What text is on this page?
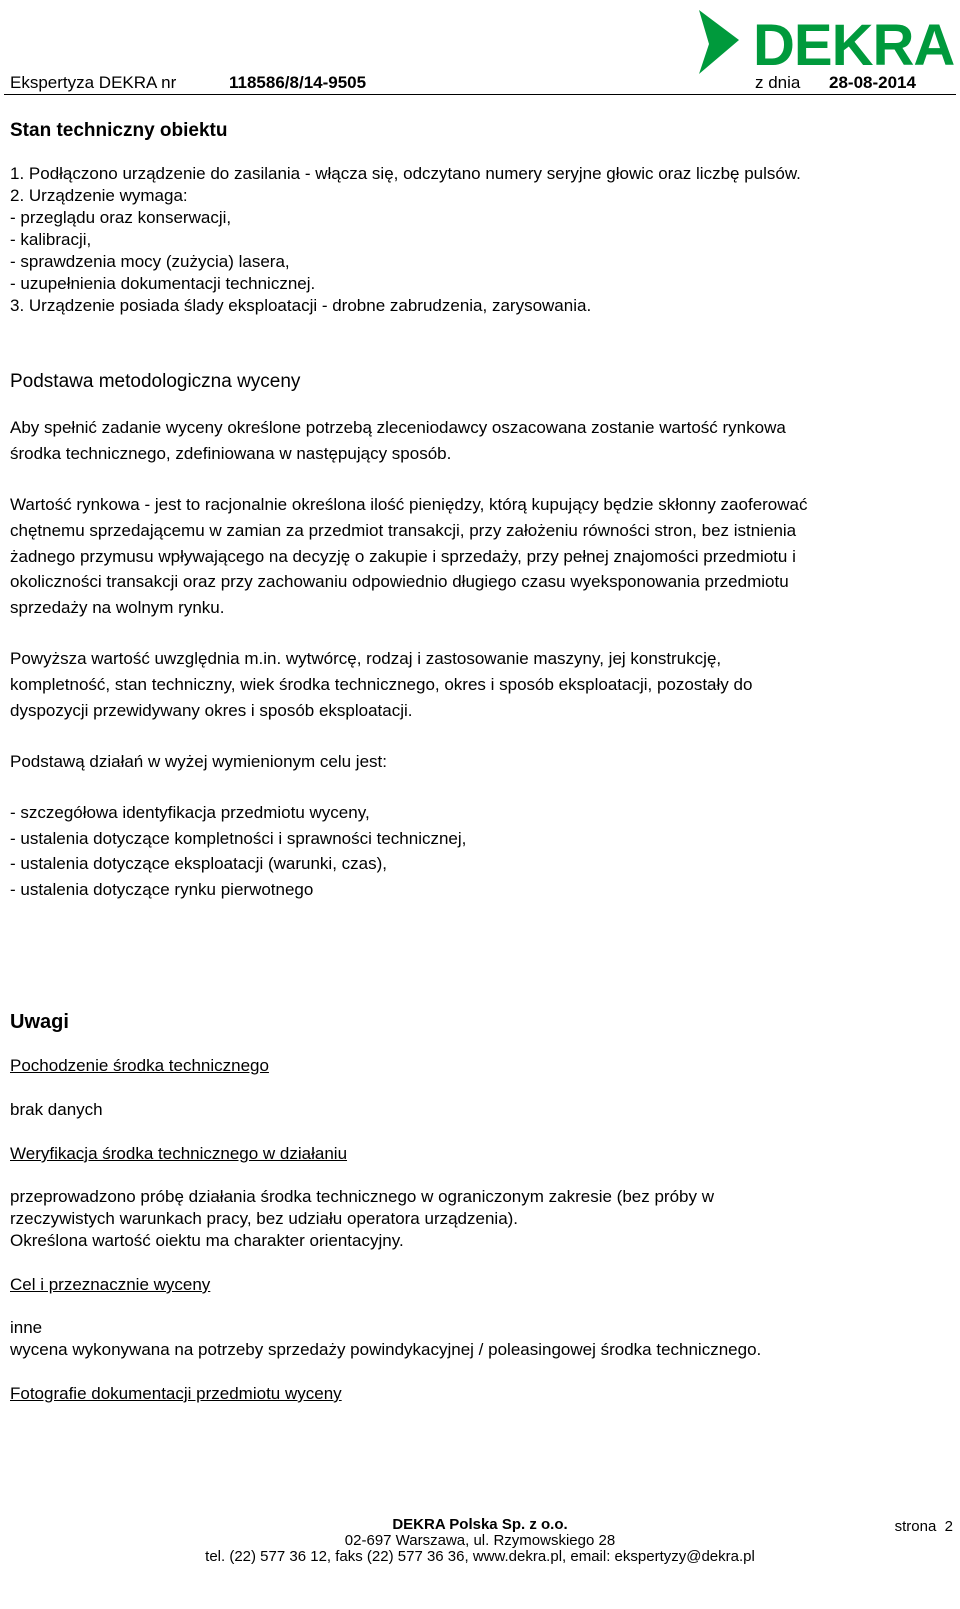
DEKRA
Ekspertyza DEKRA nr	118586/8/14-9505	z dnia 28-08-2014
Stan techniczny obiektu
1. Podłączono urządzenie do zasilania - włącza się, odczytano numery seryjne głowic oraz liczbę pulsów.
2. Urządzenie wymaga:
- przeglądu oraz konserwacji,
- kalibracji,
- sprawdzenia mocy (zużycia) lasera,
- uzupełnienia dokumentacji technicznej.
3. Urządzenie posiada ślady eksploatacji - drobne zabrudzenia, zarysowania.
Podstawa metodologiczna wyceny
Aby spełnić zadanie wyceny określone potrzebą zleceniodawcy oszacowana zostanie wartość rynkowa
środka technicznego, zdefiniowana w następujący sposób.
Wartość rynkowa - jest to racjonalnie określona ilość pieniędzy, którą kupujący będzie skłonny zaoferować
chętnemu sprzedającemu w zamian za przedmiot transakcji, przy założeniu równości stron, bez istnienia
żadnego przymusu wpływającego na decyzję o zakupie i sprzedaży, przy pełnej znajomości przedmiotu i
okoliczności transakcji oraz przy zachowaniu odpowiednio długiego czasu wyeksponowania przedmiotu
sprzedaży na wolnym rynku.
Powyższa wartość uwzględnia m.in. wytwórcę, rodzaj i zastosowanie maszyny, jej konstrukcję,
kompletność, stan techniczny, wiek środka technicznego, okres i sposób eksploatacji, pozostały do
dyspozycji przewidywany okres i sposób eksploatacji.
Podstawą działań w wyżej wymienionym celu jest:
- szczegółowa identyfikacja przedmiotu wyceny,
- ustalenia dotyczące kompletności i sprawności technicznej,
- ustalenia dotyczące eksploatacji (warunki, czas),
- ustalenia dotyczące rynku pierwotnego
Uwagi
Pochodzenie środka technicznego
brak danych
Weryfikacja środka technicznego w działaniu
przeprowadzono próbę działania środka technicznego w ograniczonym zakresie (bez próby w
rzeczywistych warunkach pracy, bez udziału operatora urządzenia).
Określona wartość oiektu ma charakter orientacyjny.
Cel i przeznacznie wyceny
inne
wycena wykonywana na potrzeby sprzedaży powindykacyjnej / poleasingowej środka technicznego.
Fotografie dokumentacji przedmiotu wyceny
strona 2
DEKRA Polska Sp. z o.o.
02-697 Warszawa, ul. Rzymowskiego 28
tel. (22) 577 36 12, faks (22) 577 36 36, www.dekra.pl, email: ekspertyzy@dekra.pl
